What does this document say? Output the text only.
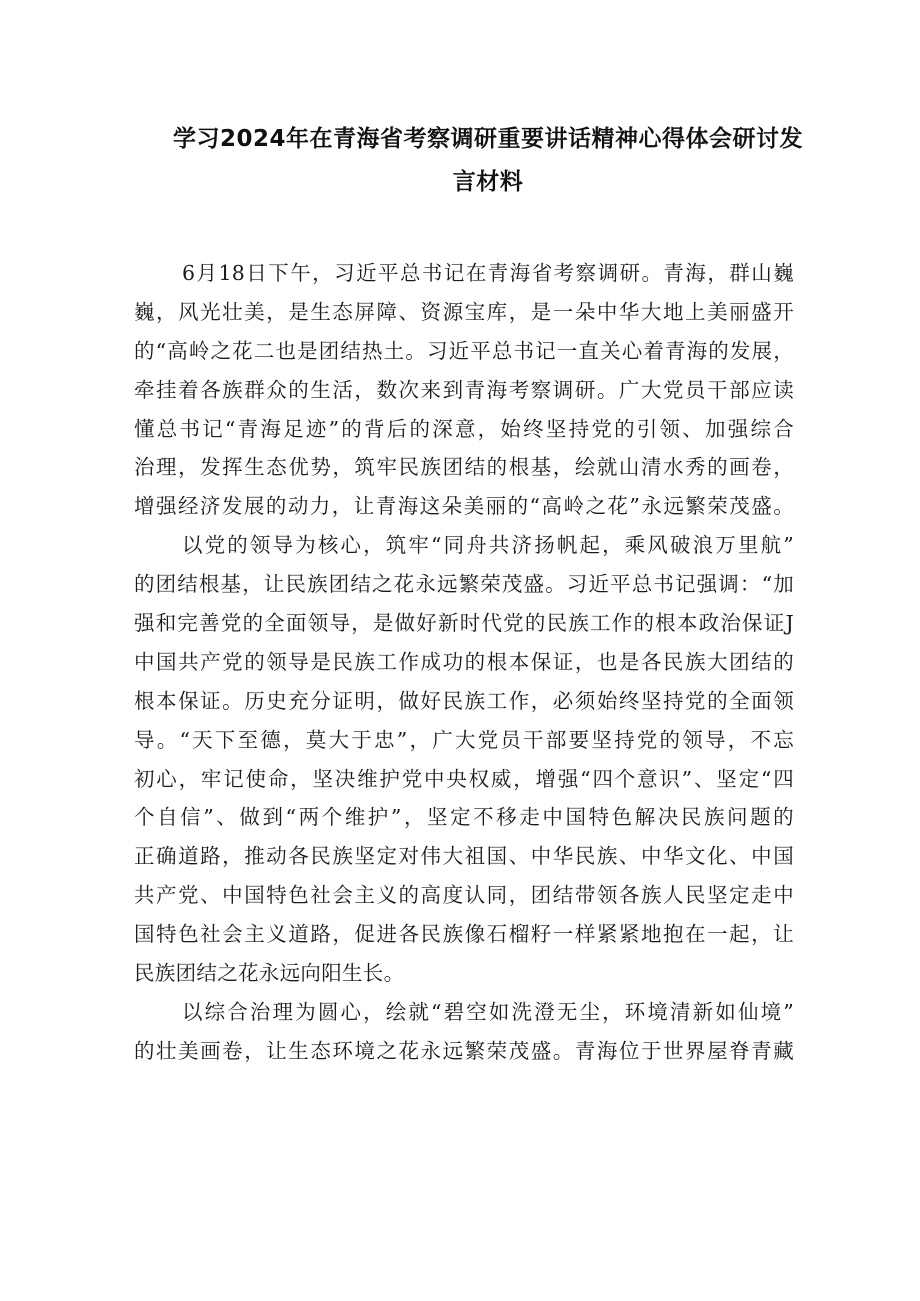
学习2024年在青海省考察调研重要讲话精神心得体会研讨发
言材料
6月18日下午，习近平总书记在青海省考察调研。青海，群山巍
巍，风光壮美，是生态屏障、资源宝库，是一朵中华大地上美丽盛开
的“高岭之花二也是团结热土。习近平总书记一直关心着青海的发展，
牵挂着各族群众的生活，数次来到青海考察调研。广大党员干部应读
懂总书记“青海足迹”的背后的深意，始终坚持党的引领、加强综合
治理，发挥生态优势，筑牢民族团结的根基，绘就山清水秀的画卷，
增强经济发展的动力，让青海这朵美丽的“高岭之花”永远繁荣茂盛。
以党的领导为核心，筑牢“同舟共济扬帆起，乘风破浪万里航”
的团结根基，让民族团结之花永远繁荣茂盛。习近平总书记强调：“加
强和完善党的全面领导，是做好新时代党的民族工作的根本政治保证J
中国共产党的领导是民族工作成功的根本保证，也是各民族大团结的
根本保证。历史充分证明，做好民族工作，必须始终坚持党的全面领
导。“天下至德，莫大于忠”，广大党员干部要坚持党的领导，不忘
初心，牢记使命，坚决维护党中央权威，增强“四个意识”、坚定“四
个自信”、做到“两个维护”，坚定不移走中国特色解决民族问题的
正确道路，推动各民族坚定对伟大祖国、中华民族、中华文化、中国
共产党、中国特色社会主义的高度认同，团结带领各族人民坚定走中
国特色社会主义道路，促进各民族像石榴籽一样紧紧地抱在一起，让
民族团结之花永远向阳生长。
以综合治理为圆心，绘就“碧空如洗澄无尘，环境清新如仙境”
的壮美画卷，让生态环境之花永远繁荣茂盛。青海位于世界屋脊青藏
